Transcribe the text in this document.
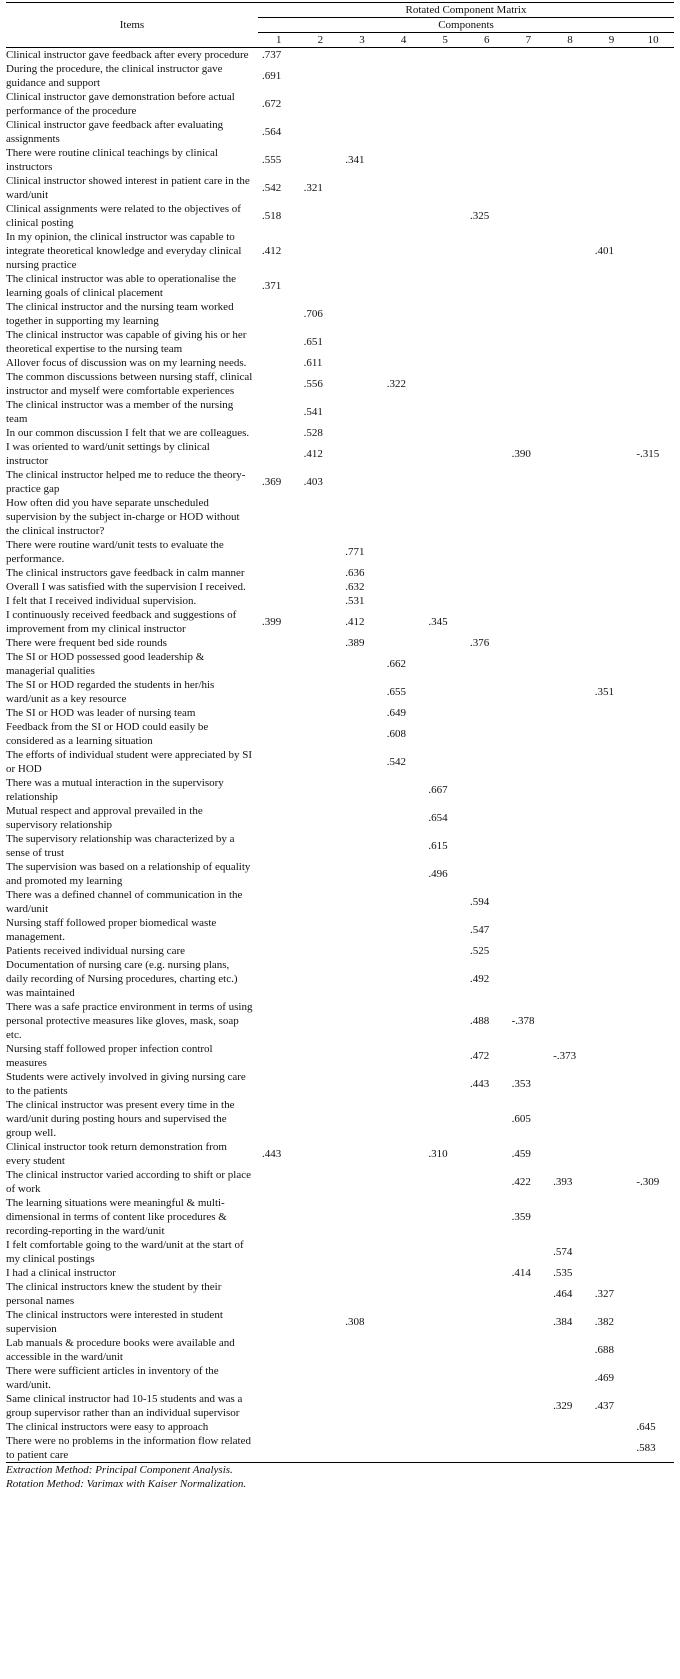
Items	Rotated Component Matrix									
	Components									
	1	2	3	4	5	6	7	8	9	10
Clinical instructor gave feedback after every procedure	.737									
During the procedure, the clinical instructor gave guidance and support	.691									
Clinical instructor gave demonstration before actual performance of the procedure	.672									
Clinical instructor gave feedback after evaluating assignments	.564									
There were routine clinical teachings by clinical instructors	.555		.341							
Clinical instructor showed interest in patient care in the ward/unit	.542	.321								
Clinical assignments were related to the objectives of clinical posting	.518					.325				
In my opinion, the clinical instructor was capable to integrate theoretical knowledge and everyday clinical nursing practice	.412								.401	
The clinical instructor was able to operationalise the learning goals of clinical placement	.371									
The clinical instructor and the nursing team worked together in supporting my learning		.706								
The clinical instructor was capable of giving his or her theoretical expertise to the nursing team		.651								
Allover focus of discussion was on my learning needs.		.611								
The common discussions between nursing staff, clinical instructor and myself were comfortable experiences		.556		.322						
The clinical instructor was a member of the nursing team		.541								
In our common discussion I felt that we are colleagues.		.528								
I was oriented to ward/unit settings by clinical instructor		.412					.390			-.315
The clinical instructor helped me to reduce the theory-practice gap	.369	.403								
How often did you have separate unscheduled supervision by the subject in-charge or HOD without the clinical instructor?										
There were routine ward/unit tests to evaluate the performance.			.771							
The clinical instructors gave feedback in calm manner			.636							
Overall I was satisfied with the supervision I received.			.632							
I felt that I received individual supervision.			.531							
I continuously received feedback and suggestions of improvement from my clinical instructor	.399		.412		.345					
There were frequent bed side rounds			.389			.376				
The SI or HOD possessed good leadership & managerial qualities				.662						
The SI or HOD regarded the students in her/his ward/unit as a key resource				.655					.351	
The SI or HOD was leader of nursing team				.649						
Feedback from the SI or HOD could easily be considered as a learning situation				.608						
The efforts of individual student were appreciated by SI or HOD				.542						
There was a mutual interaction in the supervisory relationship					.667					
Mutual respect and approval prevailed in the supervisory relationship					.654					
The supervisory relationship was characterized by a sense of trust					.615					
The supervision was based on a relationship of equality and promoted my learning					.496					
There was a defined channel of communication in the ward/unit						.594				
Nursing staff followed proper biomedical waste management.						.547				
Patients received individual nursing care						.525				
Documentation of nursing care (e.g. nursing plans, daily recording of Nursing procedures, charting etc.) was maintained						.492				
There was a safe practice environment in terms of using personal protective measures like gloves, mask, soap etc.						.488	-.378			
Nursing staff followed proper infection control measures						.472		-.373		
Students were actively involved in giving nursing care to the patients						.443	.353			
The clinical instructor was present every time in the ward/unit during posting hours and supervised the group well.							.605			
Clinical instructor took return demonstration from every student	.443				.310		.459			
The clinical instructor varied according to shift or place of work							.422	.393		-.309
The learning situations were meaningful & multi-dimensional in terms of content like procedures & recording-reporting in the ward/unit							.359			
I felt comfortable going to the ward/unit at the start of my clinical postings								.574		
I had a clinical instructor							.414	.535		
The clinical instructors knew the student by their personal names								.464	.327	
The clinical instructors were interested in student supervision			.308					.384	.382	
Lab manuals & procedure books were available and accessible in the ward/unit									.688	
There were sufficient articles in inventory of the ward/unit.									.469	
Same clinical instructor had 10-15 students and was a group supervisor rather than an individual supervisor								.329	.437	
The clinical instructors were easy to approach										.645
There were no problems in the information flow related to patient care										.583
Extraction Method: Principal Component Analysis.										
Rotation Method: Varimax with Kaiser Normalization.										
